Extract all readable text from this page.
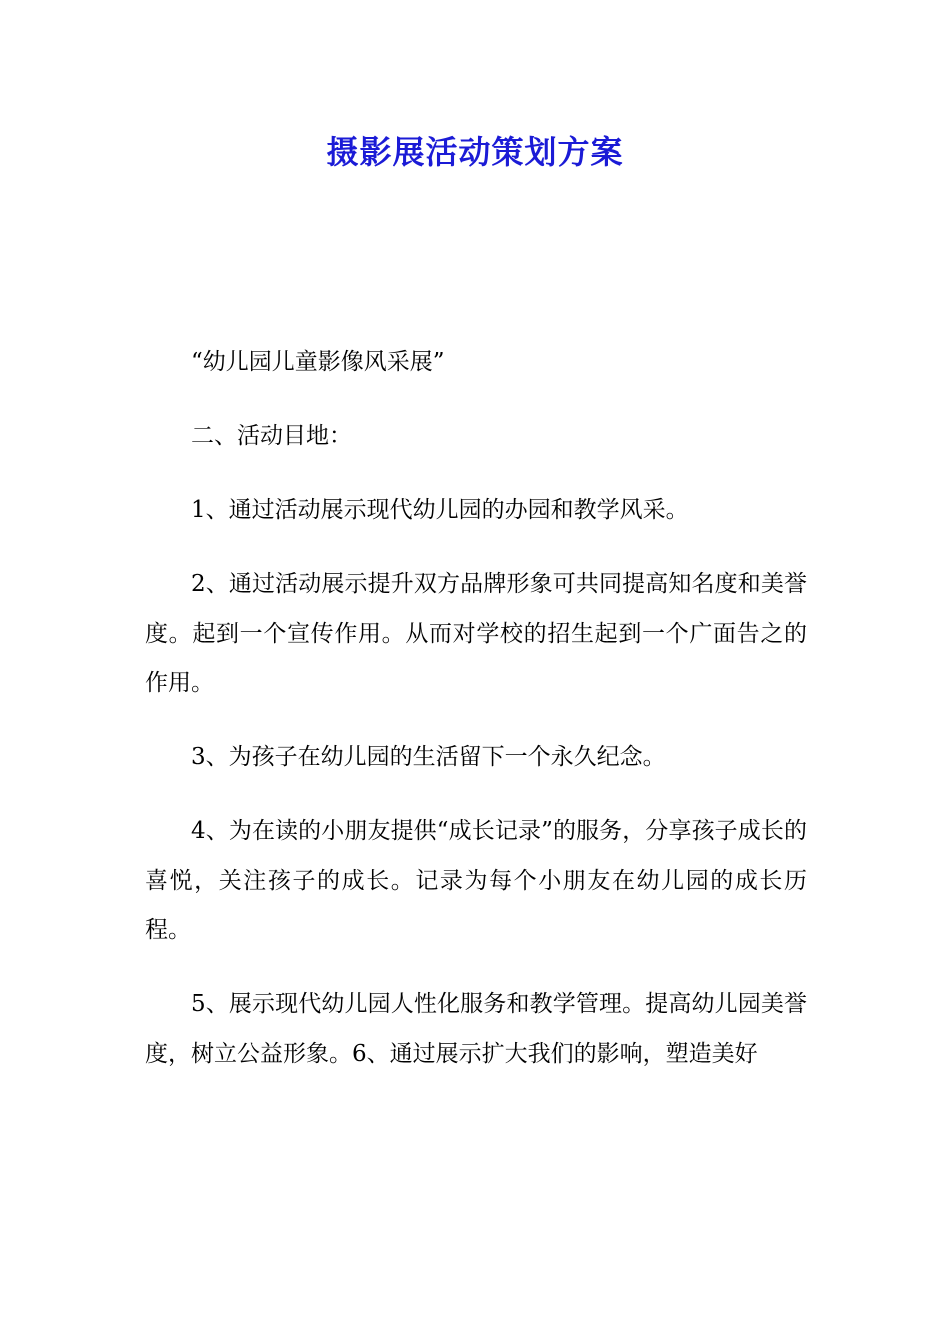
摄影展活动策划方案

“幼儿园儿童影像风采展”

二、活动目地：

1、通过活动展示现代幼儿园的办园和教学风采。

2、通过活动展示提升双方品牌形象可共同提高知名度和美誉度。起到一个宣传作用。从而对学校的招生起到一个广面告之的作用。

3、为孩子在幼儿园的生活留下一个永久纪念。

4、为在读的小朋友提供“成长记录”的服务，分享孩子成长的喜悦，关注孩子的成长。记录为每个小朋友在幼儿园的成长历程。

5、展示现代幼儿园人性化服务和教学管理。提高幼儿园美誉度，树立公益形象。6、通过展示扩大我们的影响，塑造美好
